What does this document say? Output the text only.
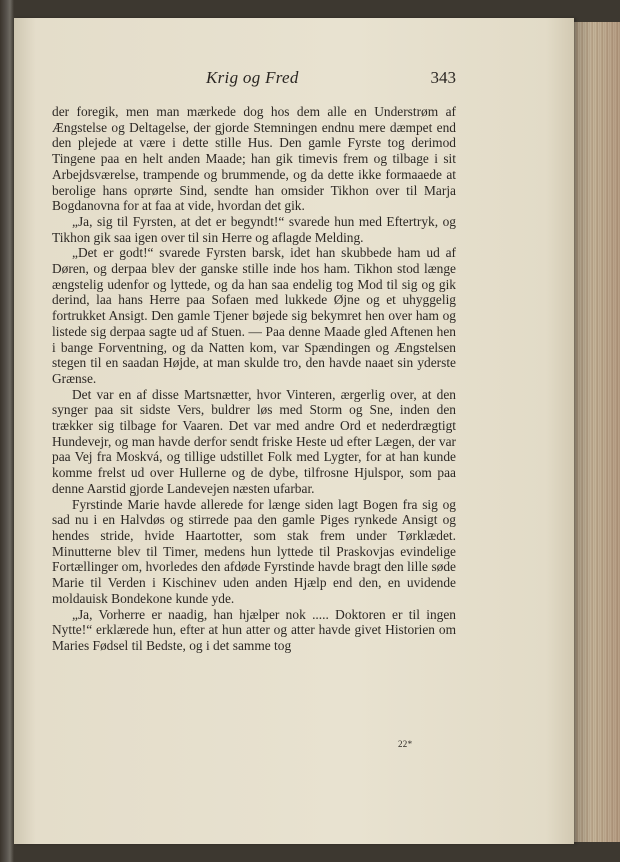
Krig og Fred	343

der foregik, men man mærkede dog hos dem alle en Understrøm af Ængstelse og Deltagelse, der gjorde Stemningen endnu mere dæmpet end den plejede at være i dette stille Hus. Den gamle Fyrste tog derimod Tingene paa en helt anden Maade; han gik timevis frem og tilbage i sit Arbejdsværelse, trampende og brummende, og da dette ikke formaaede at berolige hans oprørte Sind, sendte han omsider Tikhon over til Marja Bogdanovna for at faa at vide, hvordan det gik.

„Ja, sig til Fyrsten, at det er begyndt!“ svarede hun med Eftertryk, og Tikhon gik saa igen over til sin Herre og aflagde Melding.

„Det er godt!“ svarede Fyrsten barsk, idet han skubbede ham ud af Døren, og derpaa blev der ganske stille inde hos ham. Tikhon stod længe ængstelig udenfor og lyttede, og da han saa endelig tog Mod til sig og gik derind, laa hans Herre paa Sofaen med lukkede Øjne og et uhyggelig fortrukket Ansigt. Den gamle Tjener bøjede sig bekymret hen over ham og listede sig derpaa sagte ud af Stuen. — Paa denne Maade gled Aftenen hen i bange Forventning, og da Natten kom, var Spændingen og Ængstelsen stegen til en saadan Højde, at man skulde tro, den havde naaet sin yderste Grænse.

Det var en af disse Martsnætter, hvor Vinteren, ærgerlig over, at den synger paa sit sidste Vers, buldrer løs med Storm og Sne, inden den trækker sig tilbage for Vaaren. Det var med andre Ord et nederdrægtigt Hundevejr, og man havde derfor sendt friske Heste ud efter Lægen, der var paa Vej fra Moskvá, og tillige udstillet Folk med Lygter, for at han kunde komme frelst ud over Hullerne og de dybe, tilfrosne Hjulspor, som paa denne Aarstid gjorde Landevejen næsten ufarbar.

Fyrstinde Marie havde allerede for længe siden lagt Bogen fra sig og sad nu i en Halvdøs og stirrede paa den gamle Piges rynkede Ansigt og hendes stride, hvide Haartotter, som stak frem under Tørklædet. Minutterne blev til Timer, medens hun lyttede til Praskovjas evindelige Fortællinger om, hvorledes den afdøde Fyrstinde havde bragt den lille søde Marie til Verden i Kischinev uden anden Hjælp end den, en uvidende moldauisk Bondekone kunde yde.

„Ja, Vorherre er naadig, han hjælper nok ..... Doktoren er til ingen Nytte!“ erklærede hun, efter at hun atter og atter havde givet Historien om Maries Fødsel til Bedste, og i det samme tog

22*
